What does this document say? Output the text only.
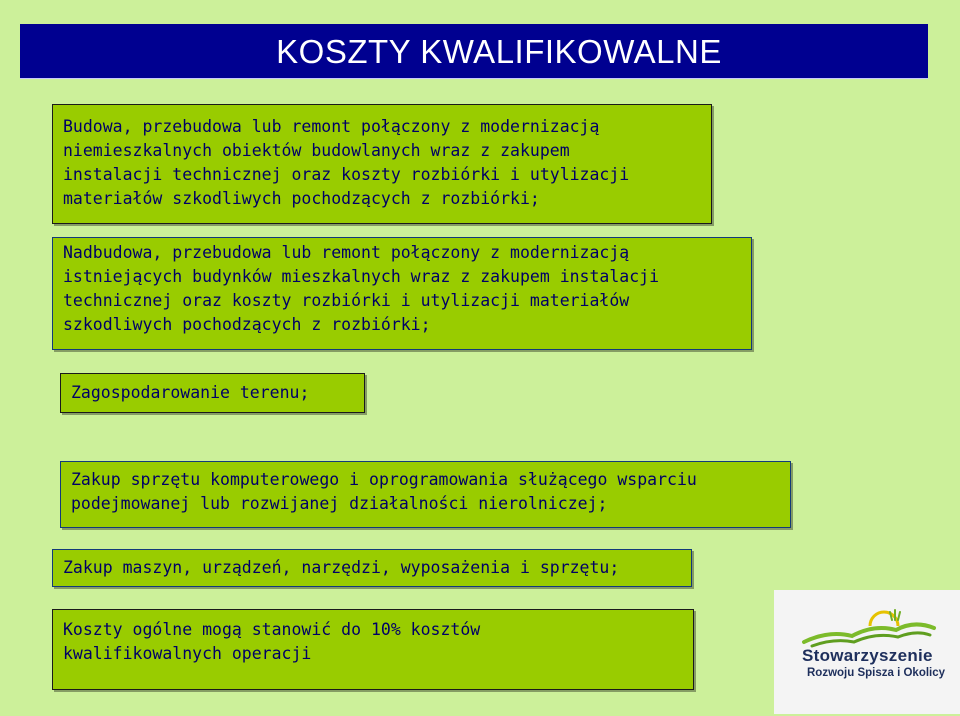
KOSZTY KWALIFIKOWALNE
Budowa, przebudowa lub remont połączony z modernizacją
niemieszkalnych obiektów budowlanych wraz z zakupem
instalacji technicznej oraz koszty rozbiórki i utylizacji
materiałów szkodliwych pochodzących z rozbiórki;
Nadbudowa, przebudowa lub remont połączony z modernizacją
istniejących budynków mieszkalnych wraz z zakupem instalacji
technicznej oraz koszty rozbiórki i utylizacji materiałów
szkodliwych pochodzących z rozbiórki;
Zagospodarowanie terenu;
Zakup sprzętu komputerowego i oprogramowania służącego wsparciu
podejmowanej lub rozwijanej działalności nierolniczej;
Zakup maszyn, urządzeń, narzędzi, wyposażenia i sprzętu;
Koszty ogólne mogą stanowić do 10% kosztów
kwalifikowalnych operacji	Stowarzyszenie
Rozwoju Spisza i Okolicy
